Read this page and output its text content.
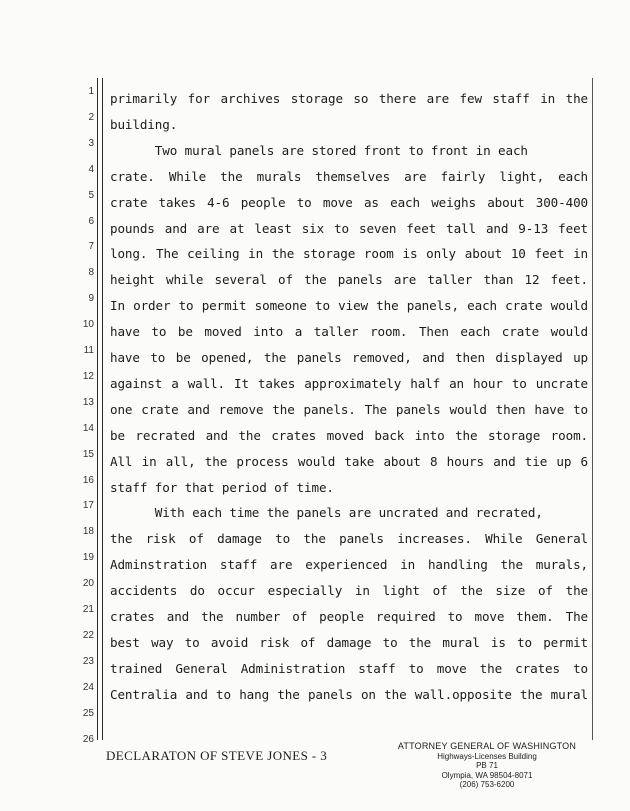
1
2
3
4
5
6
7
8
9
10
11
12
13
14
15
16
17
18
19
20
21
22
23
24
25
26
primarily for archives storage so there are few staff in the
building.
Two mural panels are stored front to front in each
crate. While the murals themselves are fairly light, each
crate takes 4-6 people to move as each weighs about 300-400
pounds and are at least six to seven feet tall and 9-13 feet
long. The ceiling in the storage room is only about 10 feet in
height while several of the panels are taller than 12 feet.
In order to permit someone to view the panels, each crate would
have to be moved into a taller room. Then each crate would
have to be opened, the panels removed, and then displayed up
against a wall. It takes approximately half an hour to uncrate
one crate and remove the panels. The panels would then have to
be recrated and the crates moved back into the storage room.
All in all, the process would take about 8 hours and tie up 6
staff for that period of time.
With each time the panels are uncrated and recrated,
the risk of damage to the panels increases. While General
Adminstration staff are experienced in handling the murals,
accidents do occur especially in light of the size of the
crates and the number of people required to move them. The
best way to avoid risk of damage to the mural is to permit
trained General Administration staff to move the crates to
Centralia and to hang the panels on the wall.opposite the mural
DECLARATON OF STEVE JONES - 3
ATTORNEY GENERAL OF WASHINGTON
Highways-Licenses Building
PB 71
Olympia, WA 98504-8071
(206) 753-6200
